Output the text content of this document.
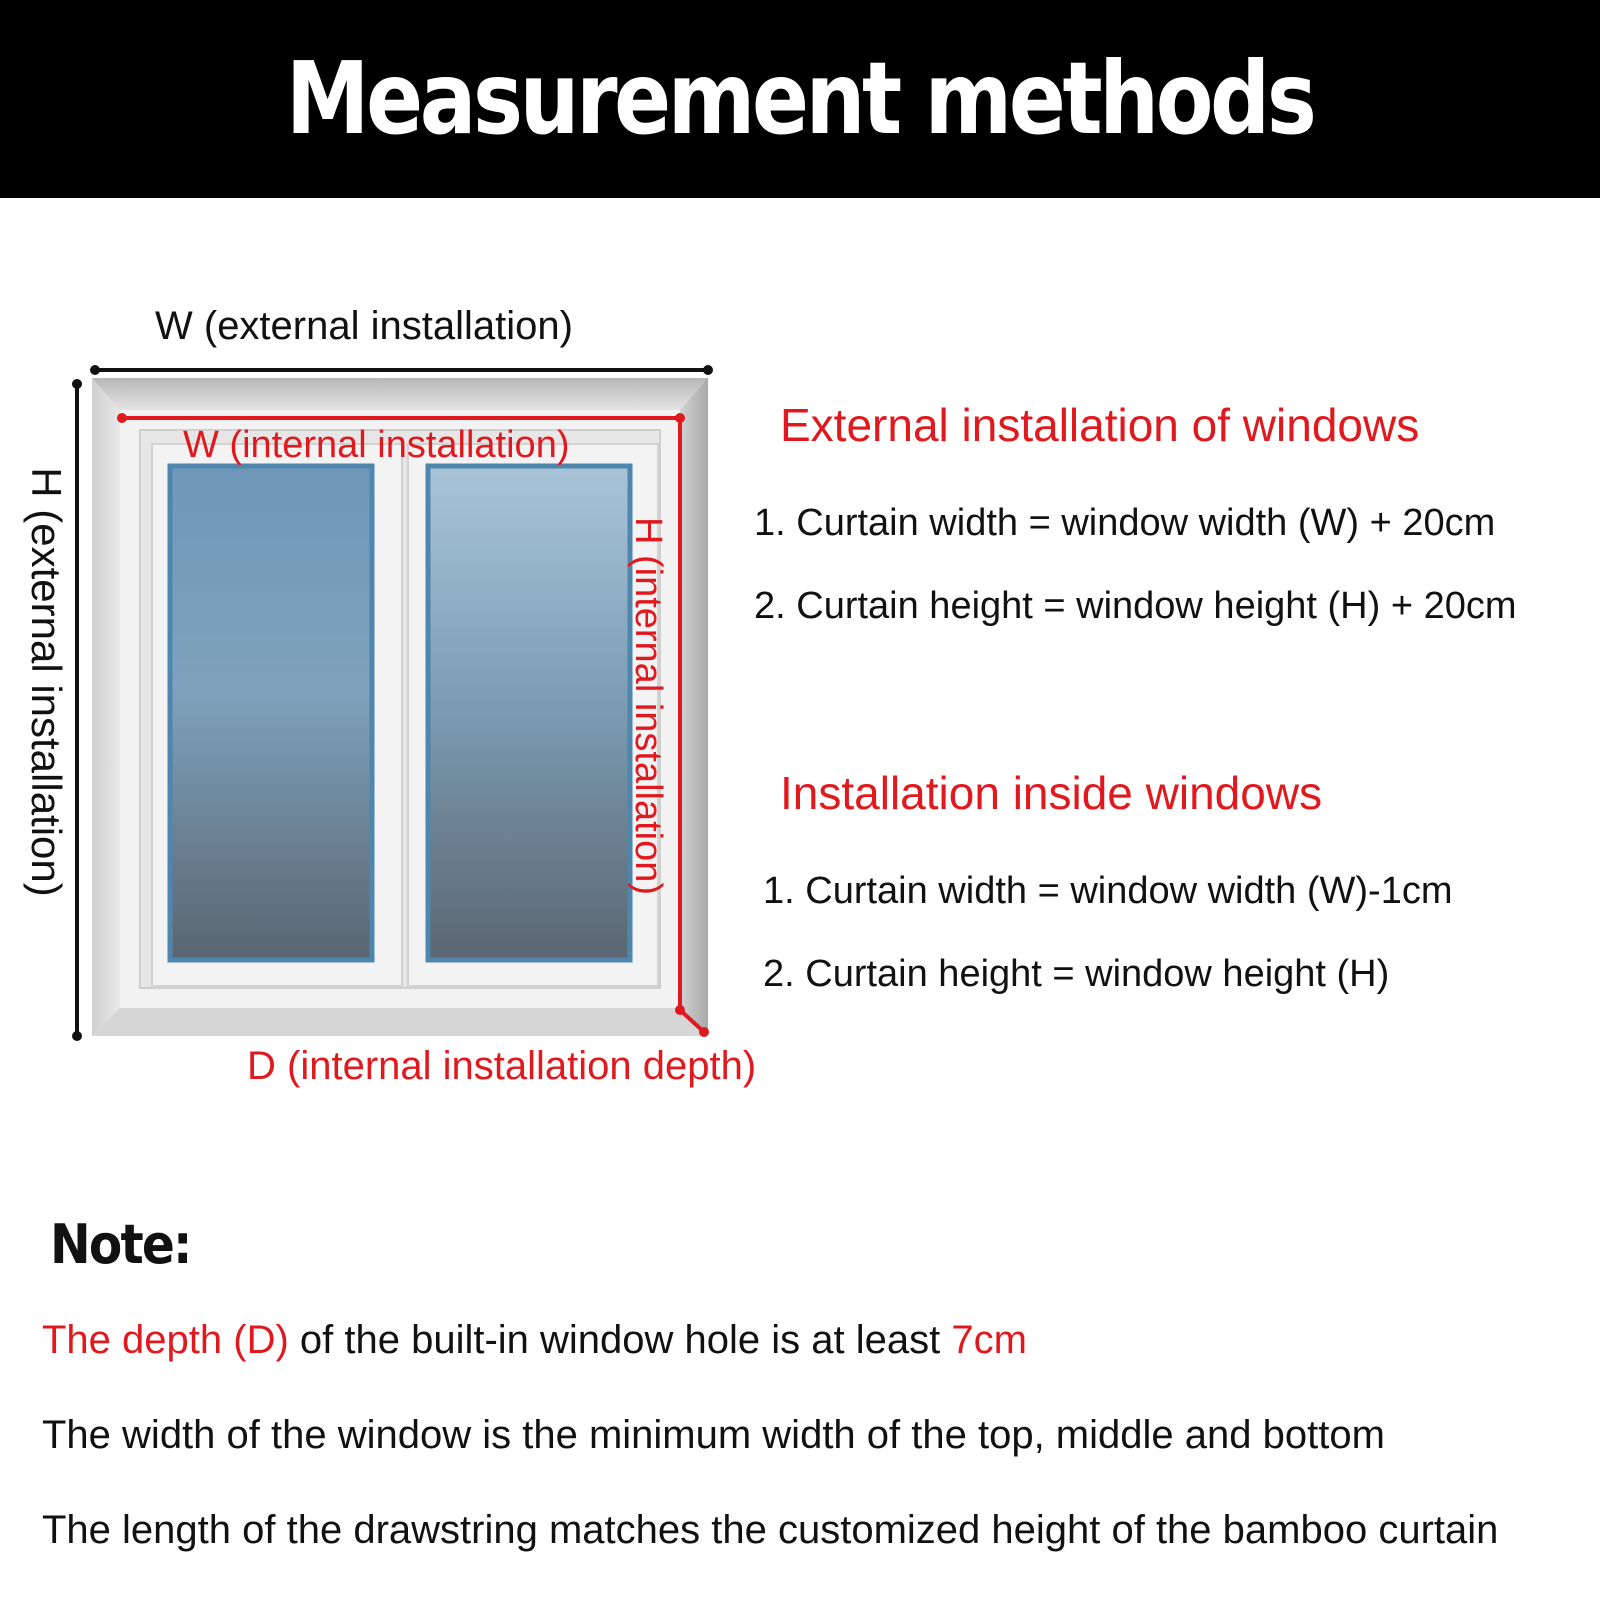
Measurement methods
W (external installation)
W (internal installation)
H (external installation)	H (internal installation)
D (internal installation depth)
External installation of windows
1. Curtain width = window width (W) + 20cm
2. Curtain height = window height (H) + 20cm
Installation inside windows
1. Curtain width = window width (W)-1cm
2. Curtain height = window height (H)
Note:
The depth (D) of the built-in window hole is at least 7cm
The width of the window is the minimum width of the top, middle and bottom
The length of the drawstring matches the customized height of the bamboo curtain
